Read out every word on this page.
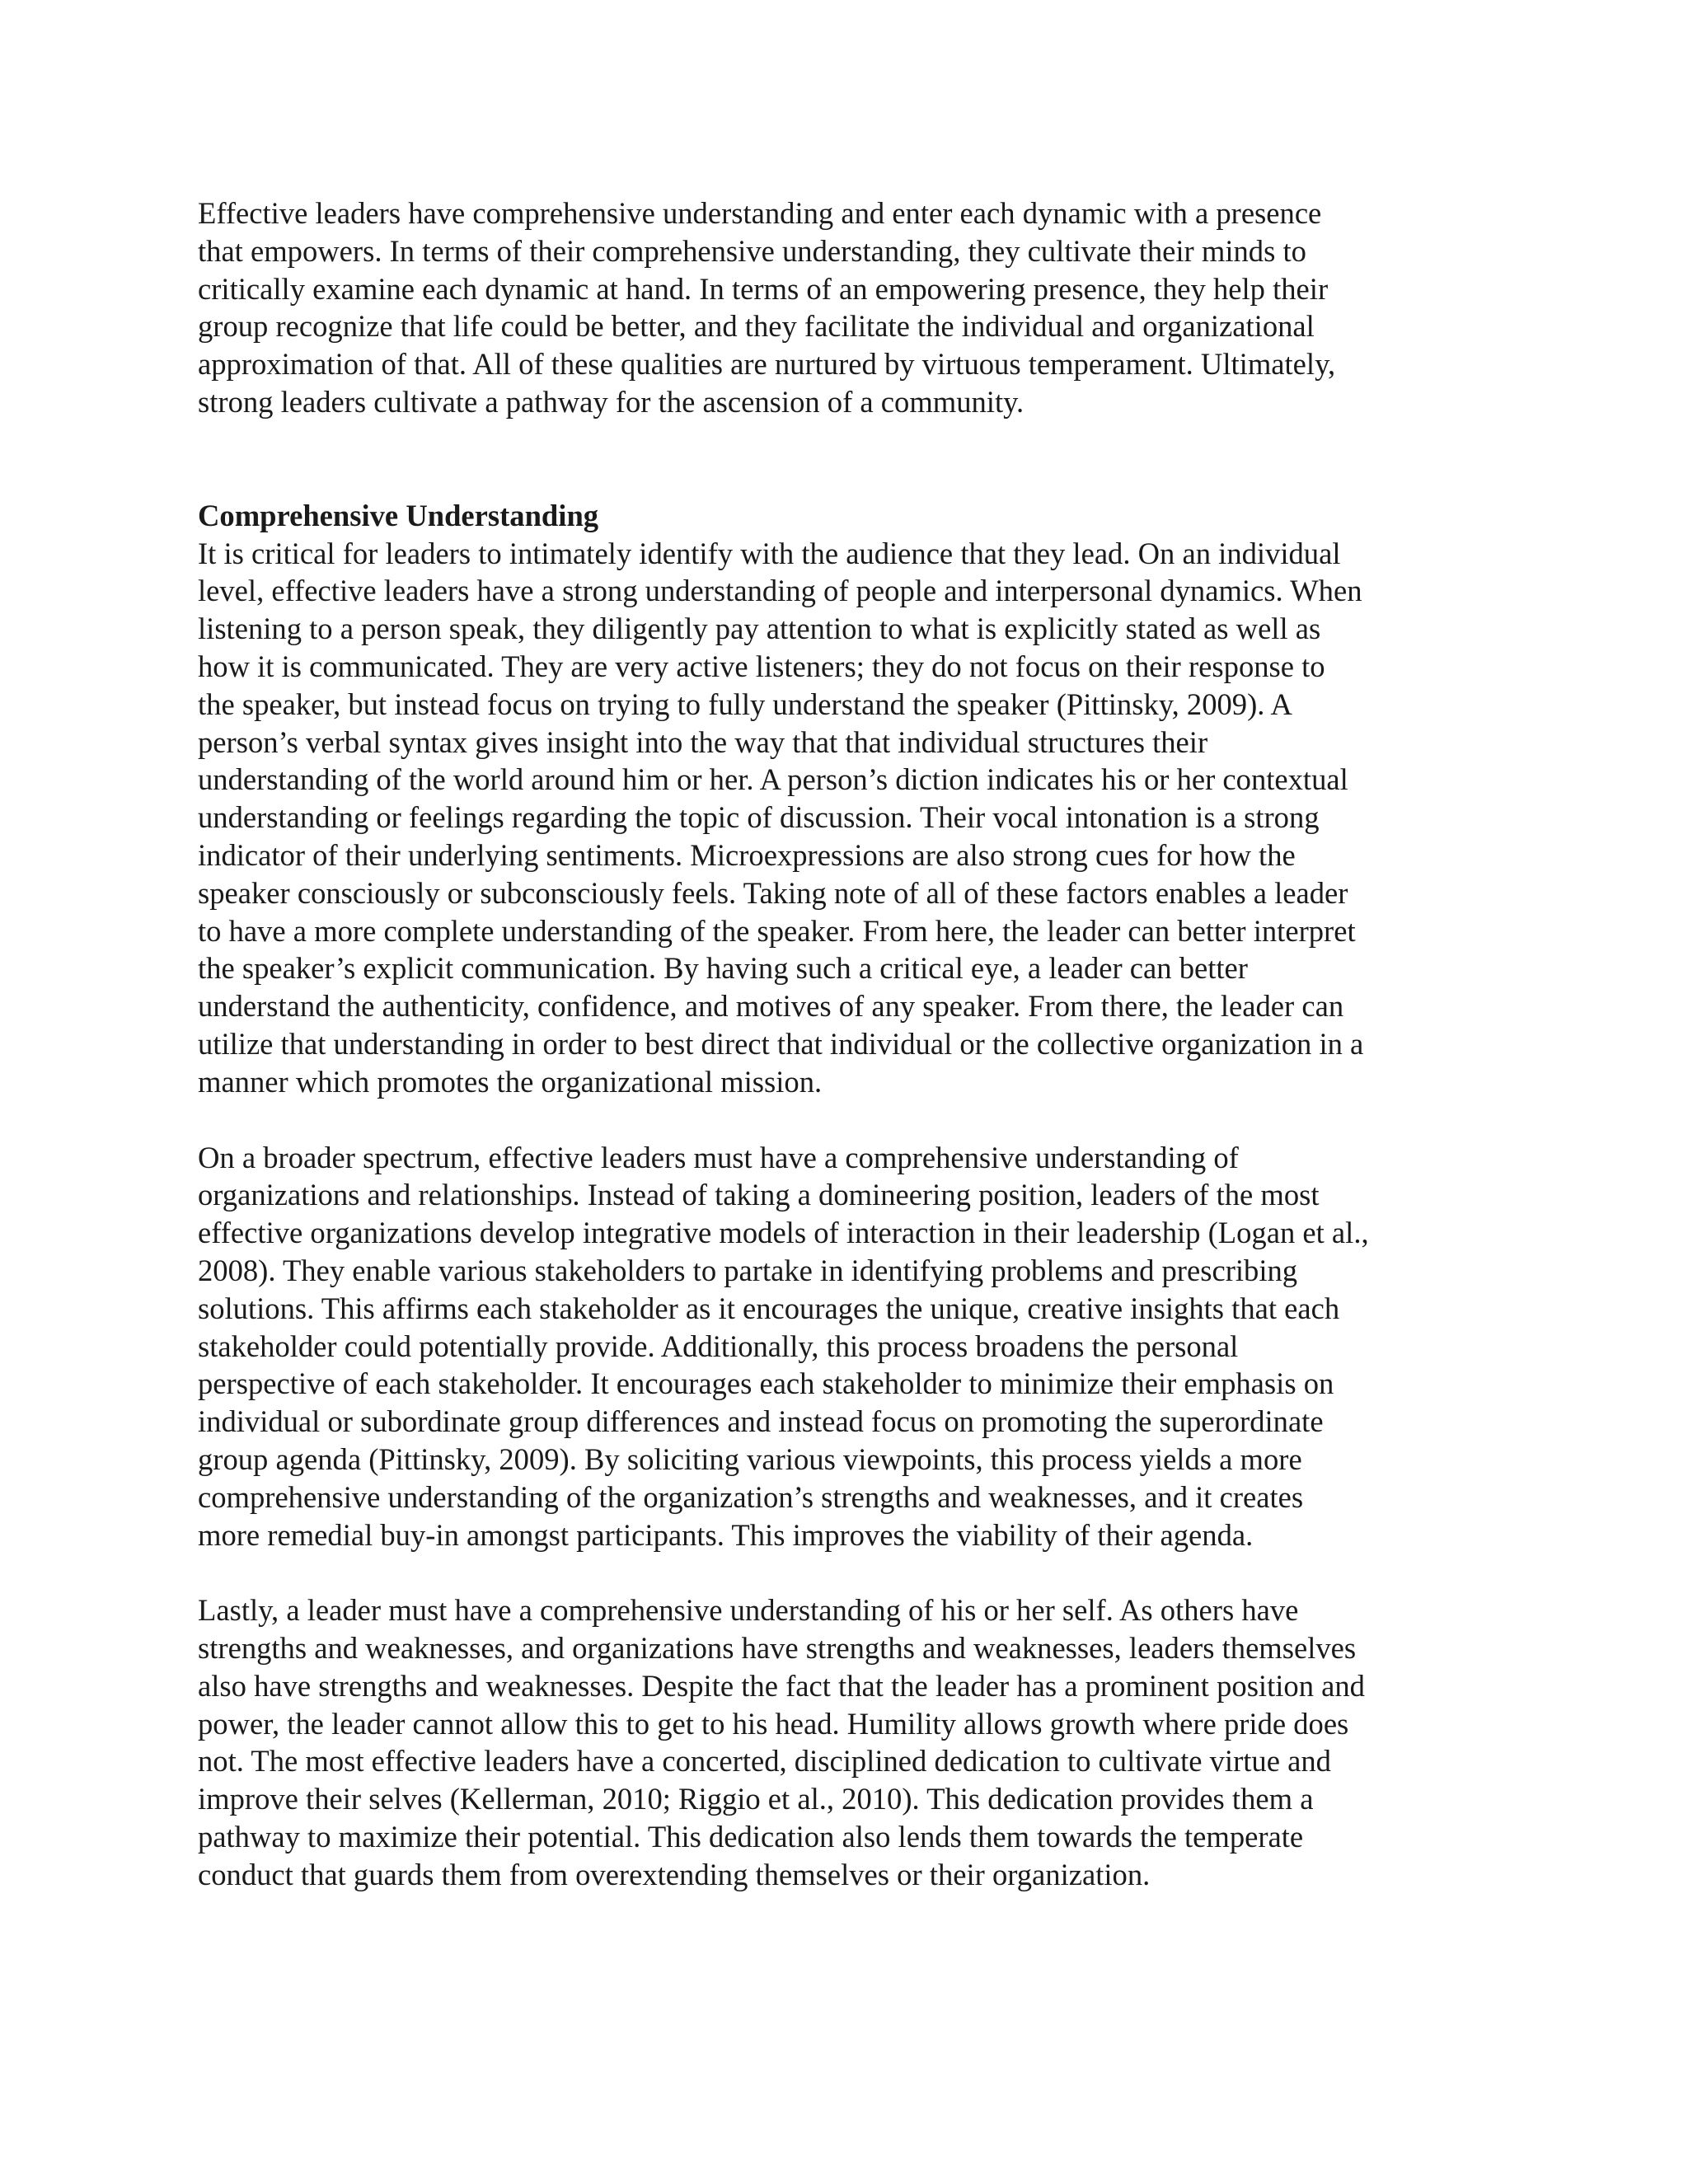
Effective leaders have comprehensive understanding and enter each dynamic with a presence
that empowers. In terms of their comprehensive understanding, they cultivate their minds to
critically examine each dynamic at hand. In terms of an empowering presence, they help their
group recognize that life could be better, and they facilitate the individual and organizational
approximation of that. All of these qualities are nurtured by virtuous temperament. Ultimately,
strong leaders cultivate a pathway for the ascension of a community.
Comprehensive Understanding
It is critical for leaders to intimately identify with the audience that they lead. On an individual
level, effective leaders have a strong understanding of people and interpersonal dynamics. When
listening to a person speak, they diligently pay attention to what is explicitly stated as well as
how it is communicated. They are very active listeners; they do not focus on their response to
the speaker, but instead focus on trying to fully understand the speaker (Pittinsky, 2009). A
person’s verbal syntax gives insight into the way that that individual structures their
understanding of the world around him or her. A person’s diction indicates his or her contextual
understanding or feelings regarding the topic of discussion. Their vocal intonation is a strong
indicator of their underlying sentiments. Microexpressions are also strong cues for how the
speaker consciously or subconsciously feels. Taking note of all of these factors enables a leader
to have a more complete understanding of the speaker. From here, the leader can better interpret
the speaker’s explicit communication. By having such a critical eye, a leader can better
understand the authenticity, confidence, and motives of any speaker. From there, the leader can
utilize that understanding in order to best direct that individual or the collective organization in a
manner which promotes the organizational mission.
On a broader spectrum, effective leaders must have a comprehensive understanding of
organizations and relationships. Instead of taking a domineering position, leaders of the most
effective organizations develop integrative models of interaction in their leadership (Logan et al.,
2008). They enable various stakeholders to partake in identifying problems and prescribing
solutions. This affirms each stakeholder as it encourages the unique, creative insights that each
stakeholder could potentially provide. Additionally, this process broadens the personal
perspective of each stakeholder. It encourages each stakeholder to minimize their emphasis on
individual or subordinate group differences and instead focus on promoting the superordinate
group agenda (Pittinsky, 2009). By soliciting various viewpoints, this process yields a more
comprehensive understanding of the organization’s strengths and weaknesses, and it creates
more remedial buy-in amongst participants. This improves the viability of their agenda.
Lastly, a leader must have a comprehensive understanding of his or her self. As others have
strengths and weaknesses, and organizations have strengths and weaknesses, leaders themselves
also have strengths and weaknesses. Despite the fact that the leader has a prominent position and
power, the leader cannot allow this to get to his head. Humility allows growth where pride does
not. The most effective leaders have a concerted, disciplined dedication to cultivate virtue and
improve their selves (Kellerman, 2010; Riggio et al., 2010). This dedication provides them a
pathway to maximize their potential. This dedication also lends them towards the temperate
conduct that guards them from overextending themselves or their organization.
